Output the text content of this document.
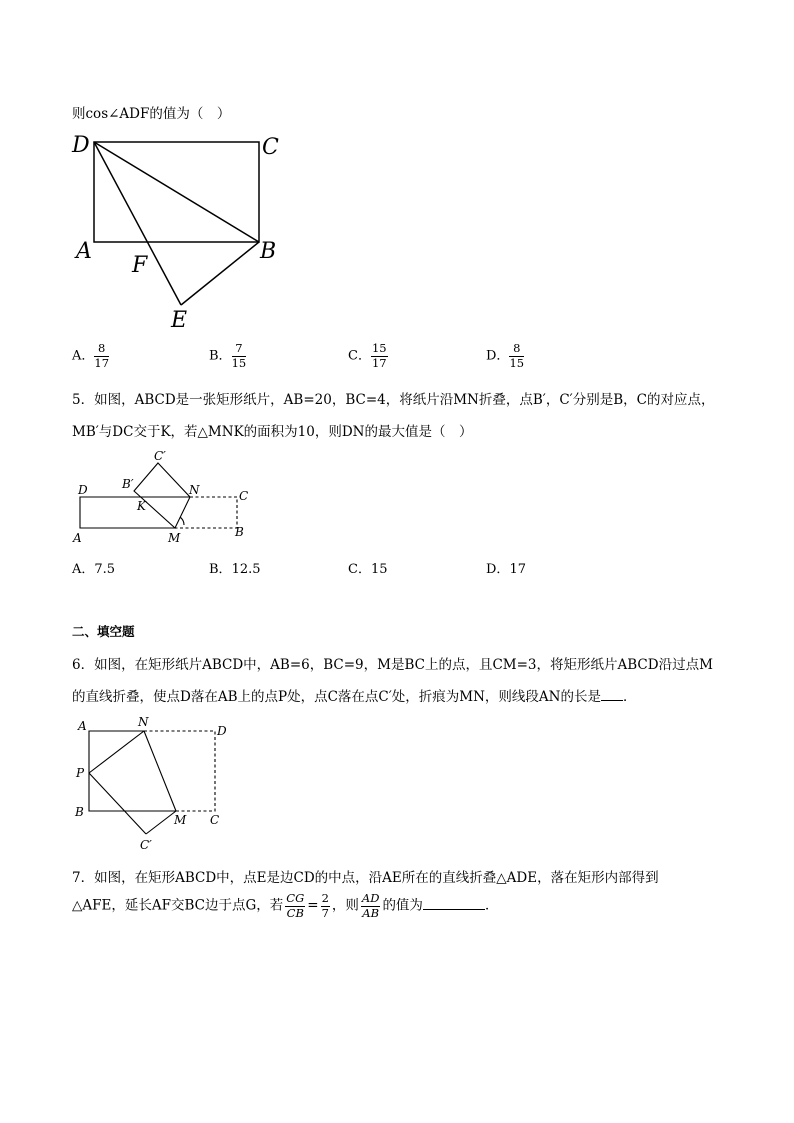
则cos∠ADF的值为（　）
D	C
A
F
B
E
A． $\frac{8}{17}$	B． $\frac{7}{15}$	C． $\frac{15}{17}$	D． $\frac{8}{15}$
5．如图，ABCD是一张矩形纸片，AB=20，BC=4，将纸片沿MN折叠，点B′，C′分别是B，C的对应点，
MB′与DC交于K，若△MNK的面积为10，则DN的最大值是（　）
C′
B′
D	N	C
K
A	M	B
A．7.5	B．12.5	C．15	D．17
二、填空题
6．如图，在矩形纸片ABCD中，AB=6，BC=9，M是BC上的点，且CM=3，将矩形纸片ABCD沿过点M
的直线折叠，使点D落在AB上的点P处，点C落在点C′处，折痕为MN，则线段AN的长是 ．
A	N
D
P
B
M C
C′
7．如图，在矩形ABCD中，点E是边CD的中点，沿AE所在的直线折叠△ADE，落在矩形内部得到
△AFE，延长AF交BC边于点G，若 $\frac{CG}{CB} = \frac{2}{7}$ ，则 $\frac{AD}{AB}$ 的值为	．
